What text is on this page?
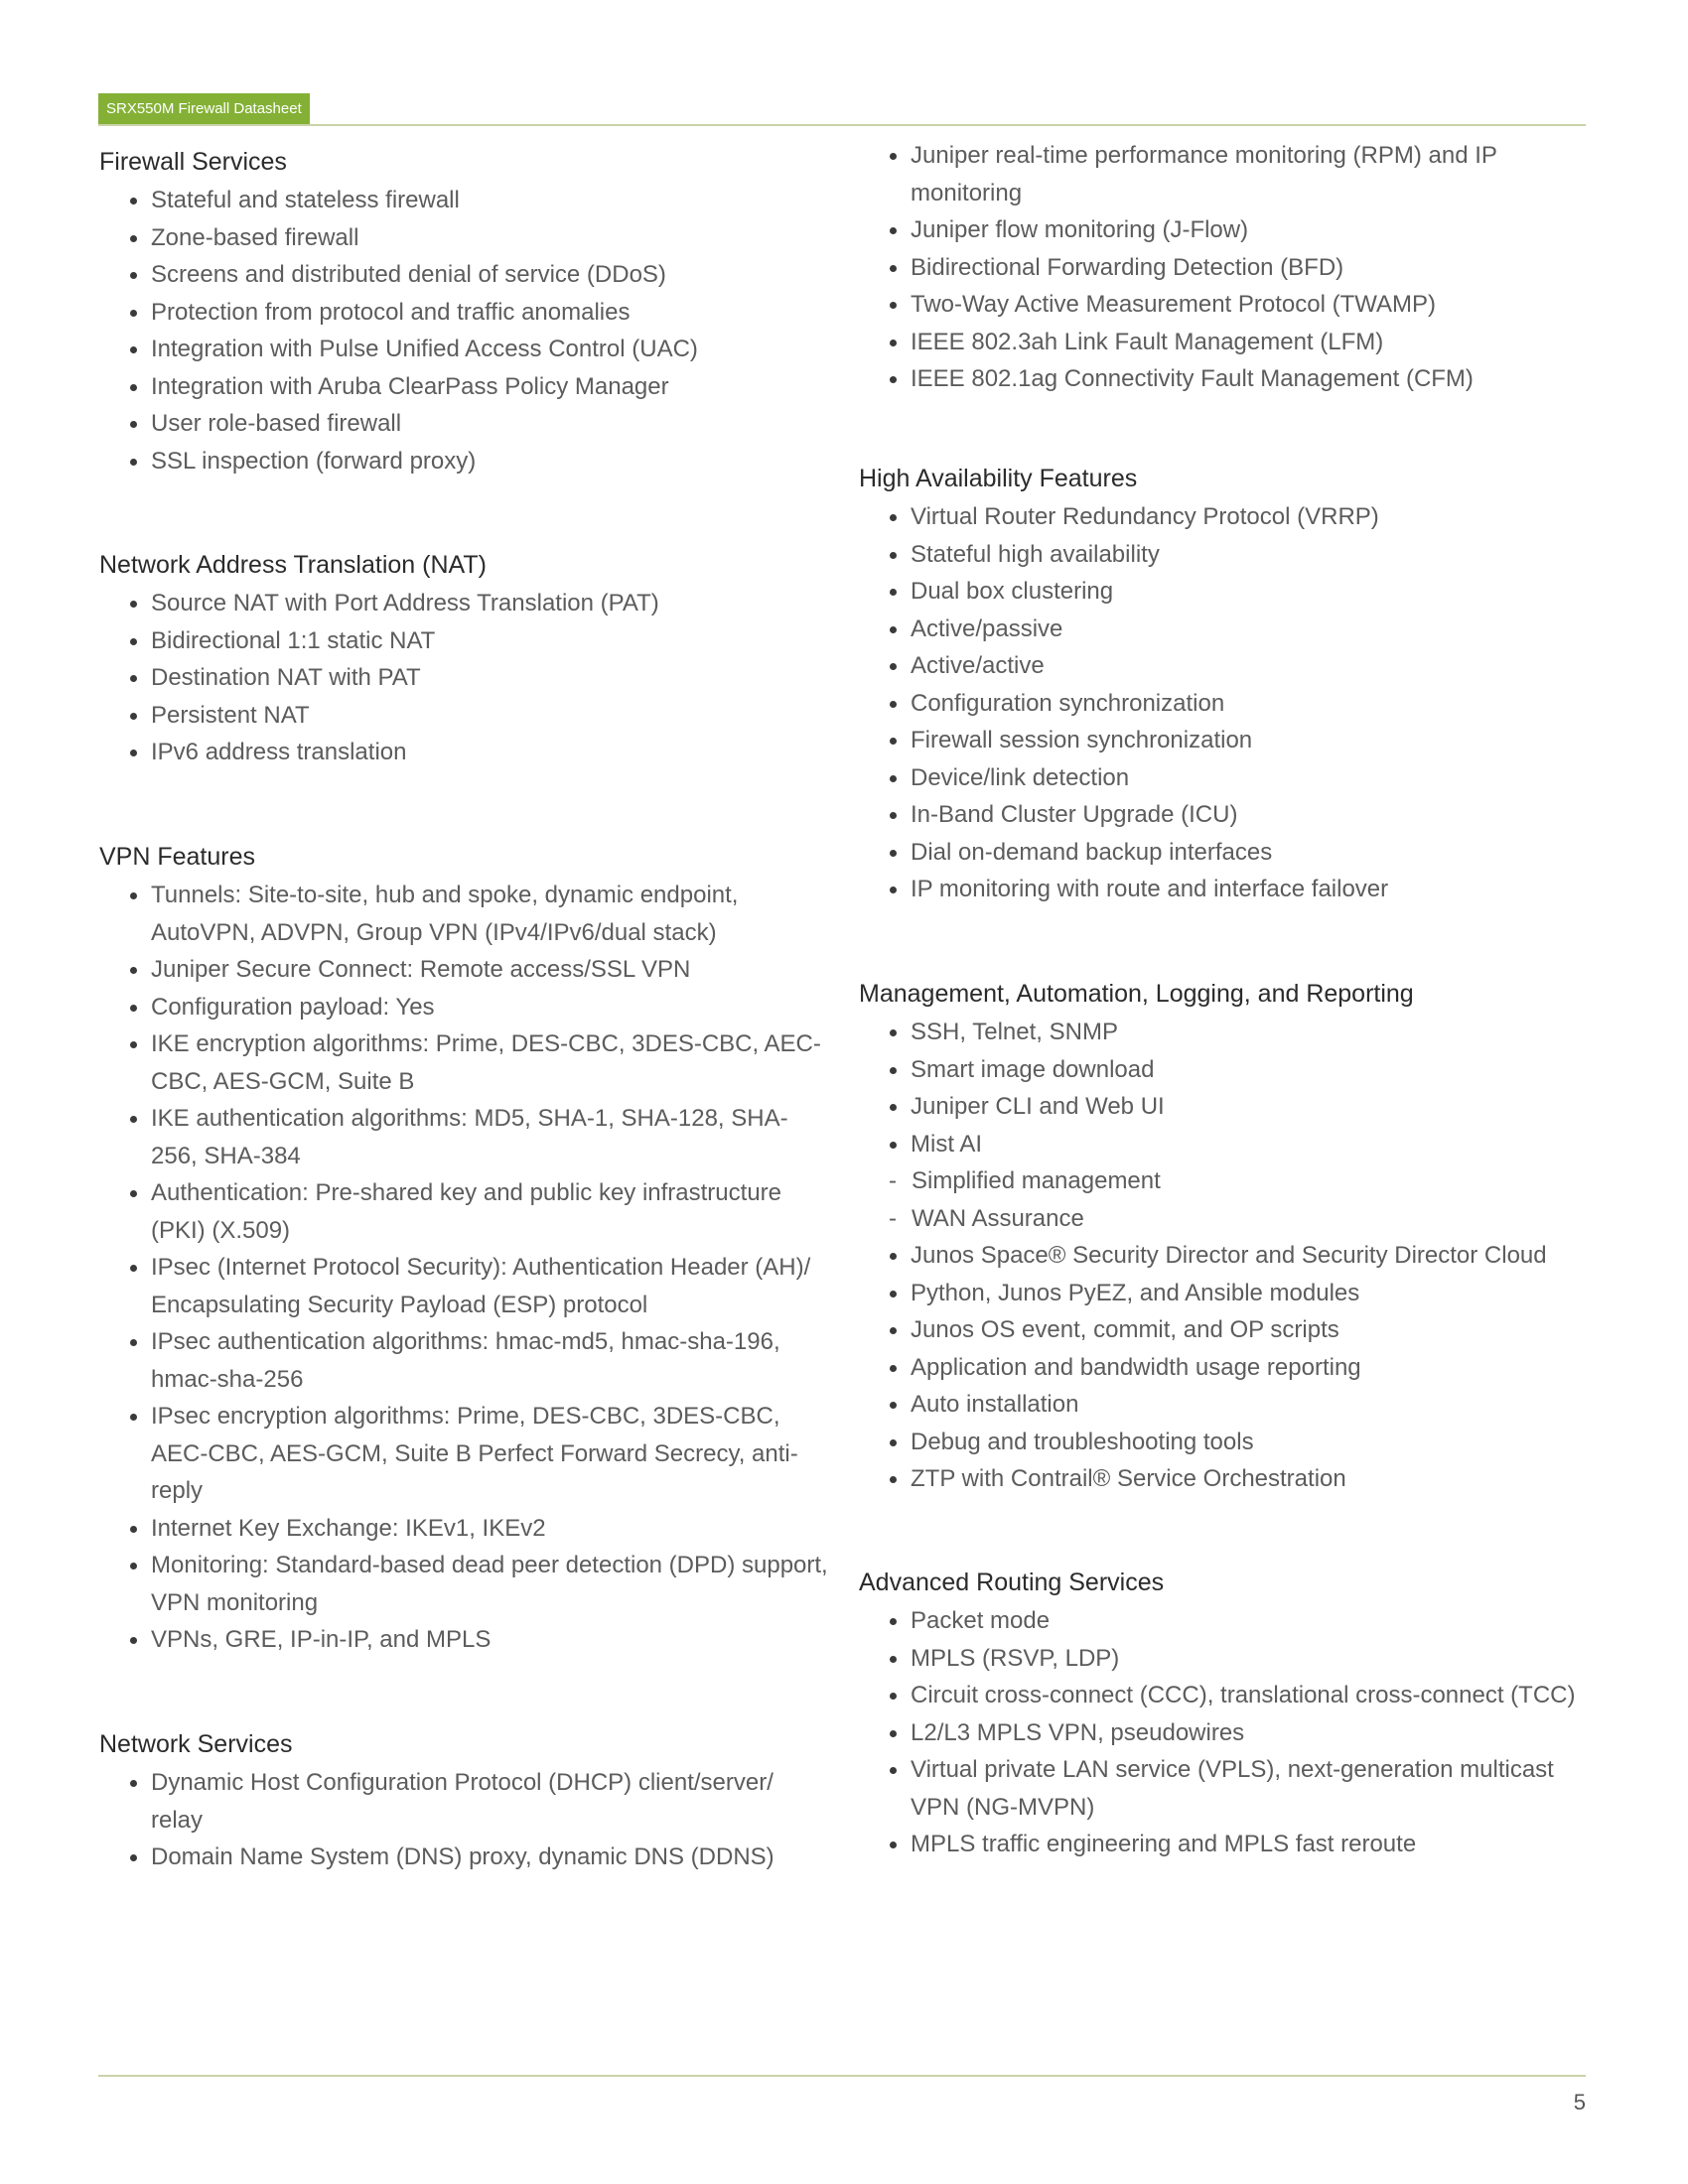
SRX550M Firewall Datasheet
Firewall Services
Stateful and stateless firewall
Zone-based firewall
Screens and distributed denial of service (DDoS)
Protection from protocol and traffic anomalies
Integration with Pulse Unified Access Control (UAC)
Integration with Aruba ClearPass Policy Manager
User role-based firewall
SSL inspection (forward proxy)
Network Address Translation (NAT)
Source NAT with Port Address Translation (PAT)
Bidirectional 1:1 static NAT
Destination NAT with PAT
Persistent NAT
IPv6 address translation
VPN Features
Tunnels: Site-to-site, hub and spoke, dynamic endpoint, AutoVPN, ADVPN, Group VPN (IPv4/IPv6/dual stack)
Juniper Secure Connect: Remote access/SSL VPN
Configuration payload: Yes
IKE encryption algorithms: Prime, DES-CBC, 3DES-CBC, AEC-CBC, AES-GCM, Suite B
IKE authentication algorithms: MD5, SHA-1, SHA-128, SHA-256, SHA-384
Authentication: Pre-shared key and public key infrastructure (PKI) (X.509)
IPsec (Internet Protocol Security): Authentication Header (AH)/ Encapsulating Security Payload (ESP) protocol
IPsec authentication algorithms: hmac-md5, hmac-sha-196, hmac-sha-256
IPsec encryption algorithms: Prime, DES-CBC, 3DES-CBC, AEC-CBC, AES-GCM, Suite B Perfect Forward Secrecy, anti-reply
Internet Key Exchange: IKEv1, IKEv2
Monitoring: Standard-based dead peer detection (DPD) support, VPN monitoring
VPNs, GRE, IP-in-IP, and MPLS
Network Services
Dynamic Host Configuration Protocol (DHCP) client/server/ relay
Domain Name System (DNS) proxy, dynamic DNS (DDNS)
Juniper real-time performance monitoring (RPM) and IP monitoring
Juniper flow monitoring (J-Flow)
Bidirectional Forwarding Detection (BFD)
Two-Way Active Measurement Protocol (TWAMP)
IEEE 802.3ah Link Fault Management (LFM)
IEEE 802.1ag Connectivity Fault Management (CFM)
High Availability Features
Virtual Router Redundancy Protocol (VRRP)
Stateful high availability
Dual box clustering
Active/passive
Active/active
Configuration synchronization
Firewall session synchronization
Device/link detection
In-Band Cluster Upgrade (ICU)
Dial on-demand backup interfaces
IP monitoring with route and interface failover
Management, Automation, Logging, and Reporting
SSH, Telnet, SNMP
Smart image download
Juniper CLI and Web UI
Mist AI
- Simplified management
- WAN Assurance
Junos Space® Security Director and Security Director Cloud
Python, Junos PyEZ, and Ansible modules
Junos OS event, commit, and OP scripts
Application and bandwidth usage reporting
Auto installation
Debug and troubleshooting tools
ZTP with Contrail® Service Orchestration
Advanced Routing Services
Packet mode
MPLS (RSVP, LDP)
Circuit cross-connect (CCC), translational cross-connect (TCC)
L2/L3 MPLS VPN, pseudowires
Virtual private LAN service (VPLS), next-generation multicast VPN (NG-MVPN)
MPLS traffic engineering and MPLS fast reroute
5
